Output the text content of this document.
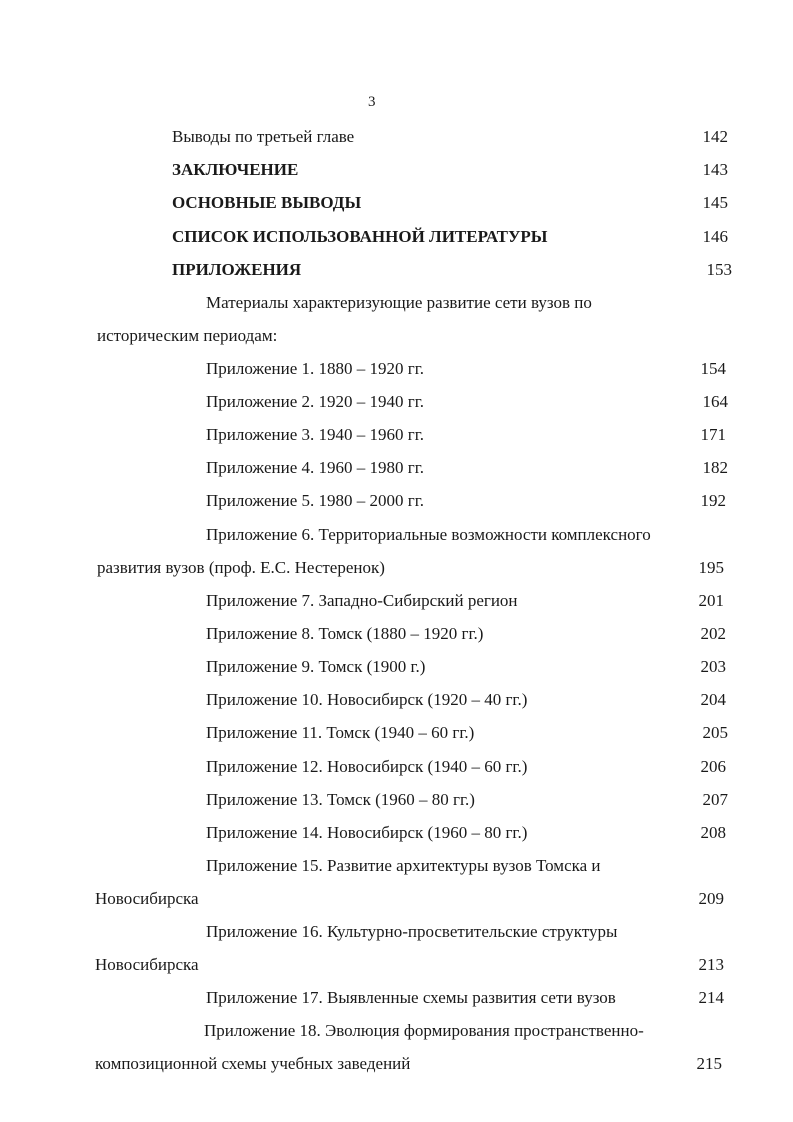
3
Выводы по третьей главе	142
ЗАКЛЮЧЕНИЕ	143
ОСНОВНЫЕ ВЫВОДЫ	145
СПИСОК ИСПОЛЬЗОВАННОЙ ЛИТЕРАТУРЫ	146
ПРИЛОЖЕНИЯ	153
Материалы характеризующие развитие сети вузов по
историческим периодам:
Приложение 1. 1880 – 1920 гг.	154
Приложение 2. 1920 – 1940 гг.	164
Приложение 3. 1940 – 1960 гг.	171
Приложение 4. 1960 – 1980 гг.	182
Приложение 5. 1980 – 2000 гг.	192
Приложение 6. Территориальные возможности комплексного
развития вузов (проф. Е.С. Нестеренок)	195
Приложение 7. Западно-Сибирский регион	201
Приложение 8. Томск (1880 – 1920 гг.)	202
Приложение 9. Томск (1900 г.)	203
Приложение 10. Новосибирск (1920 – 40 гг.)	204
Приложение 11. Томск (1940 – 60 гг.)	205
Приложение 12. Новосибирск (1940 – 60 гг.)	206
Приложение 13. Томск (1960 – 80 гг.)	207
Приложение 14. Новосибирск (1960 – 80 гг.)	208
Приложение 15. Развитие архитектуры вузов Томска и
Новосибирска	209
Приложение 16. Культурно-просветительские структуры
Новосибирска	213
Приложение 17. Выявленные схемы развития сети вузов	214
Приложение 18. Эволюция формирования пространственно-
композиционной схемы учебных заведений	215
